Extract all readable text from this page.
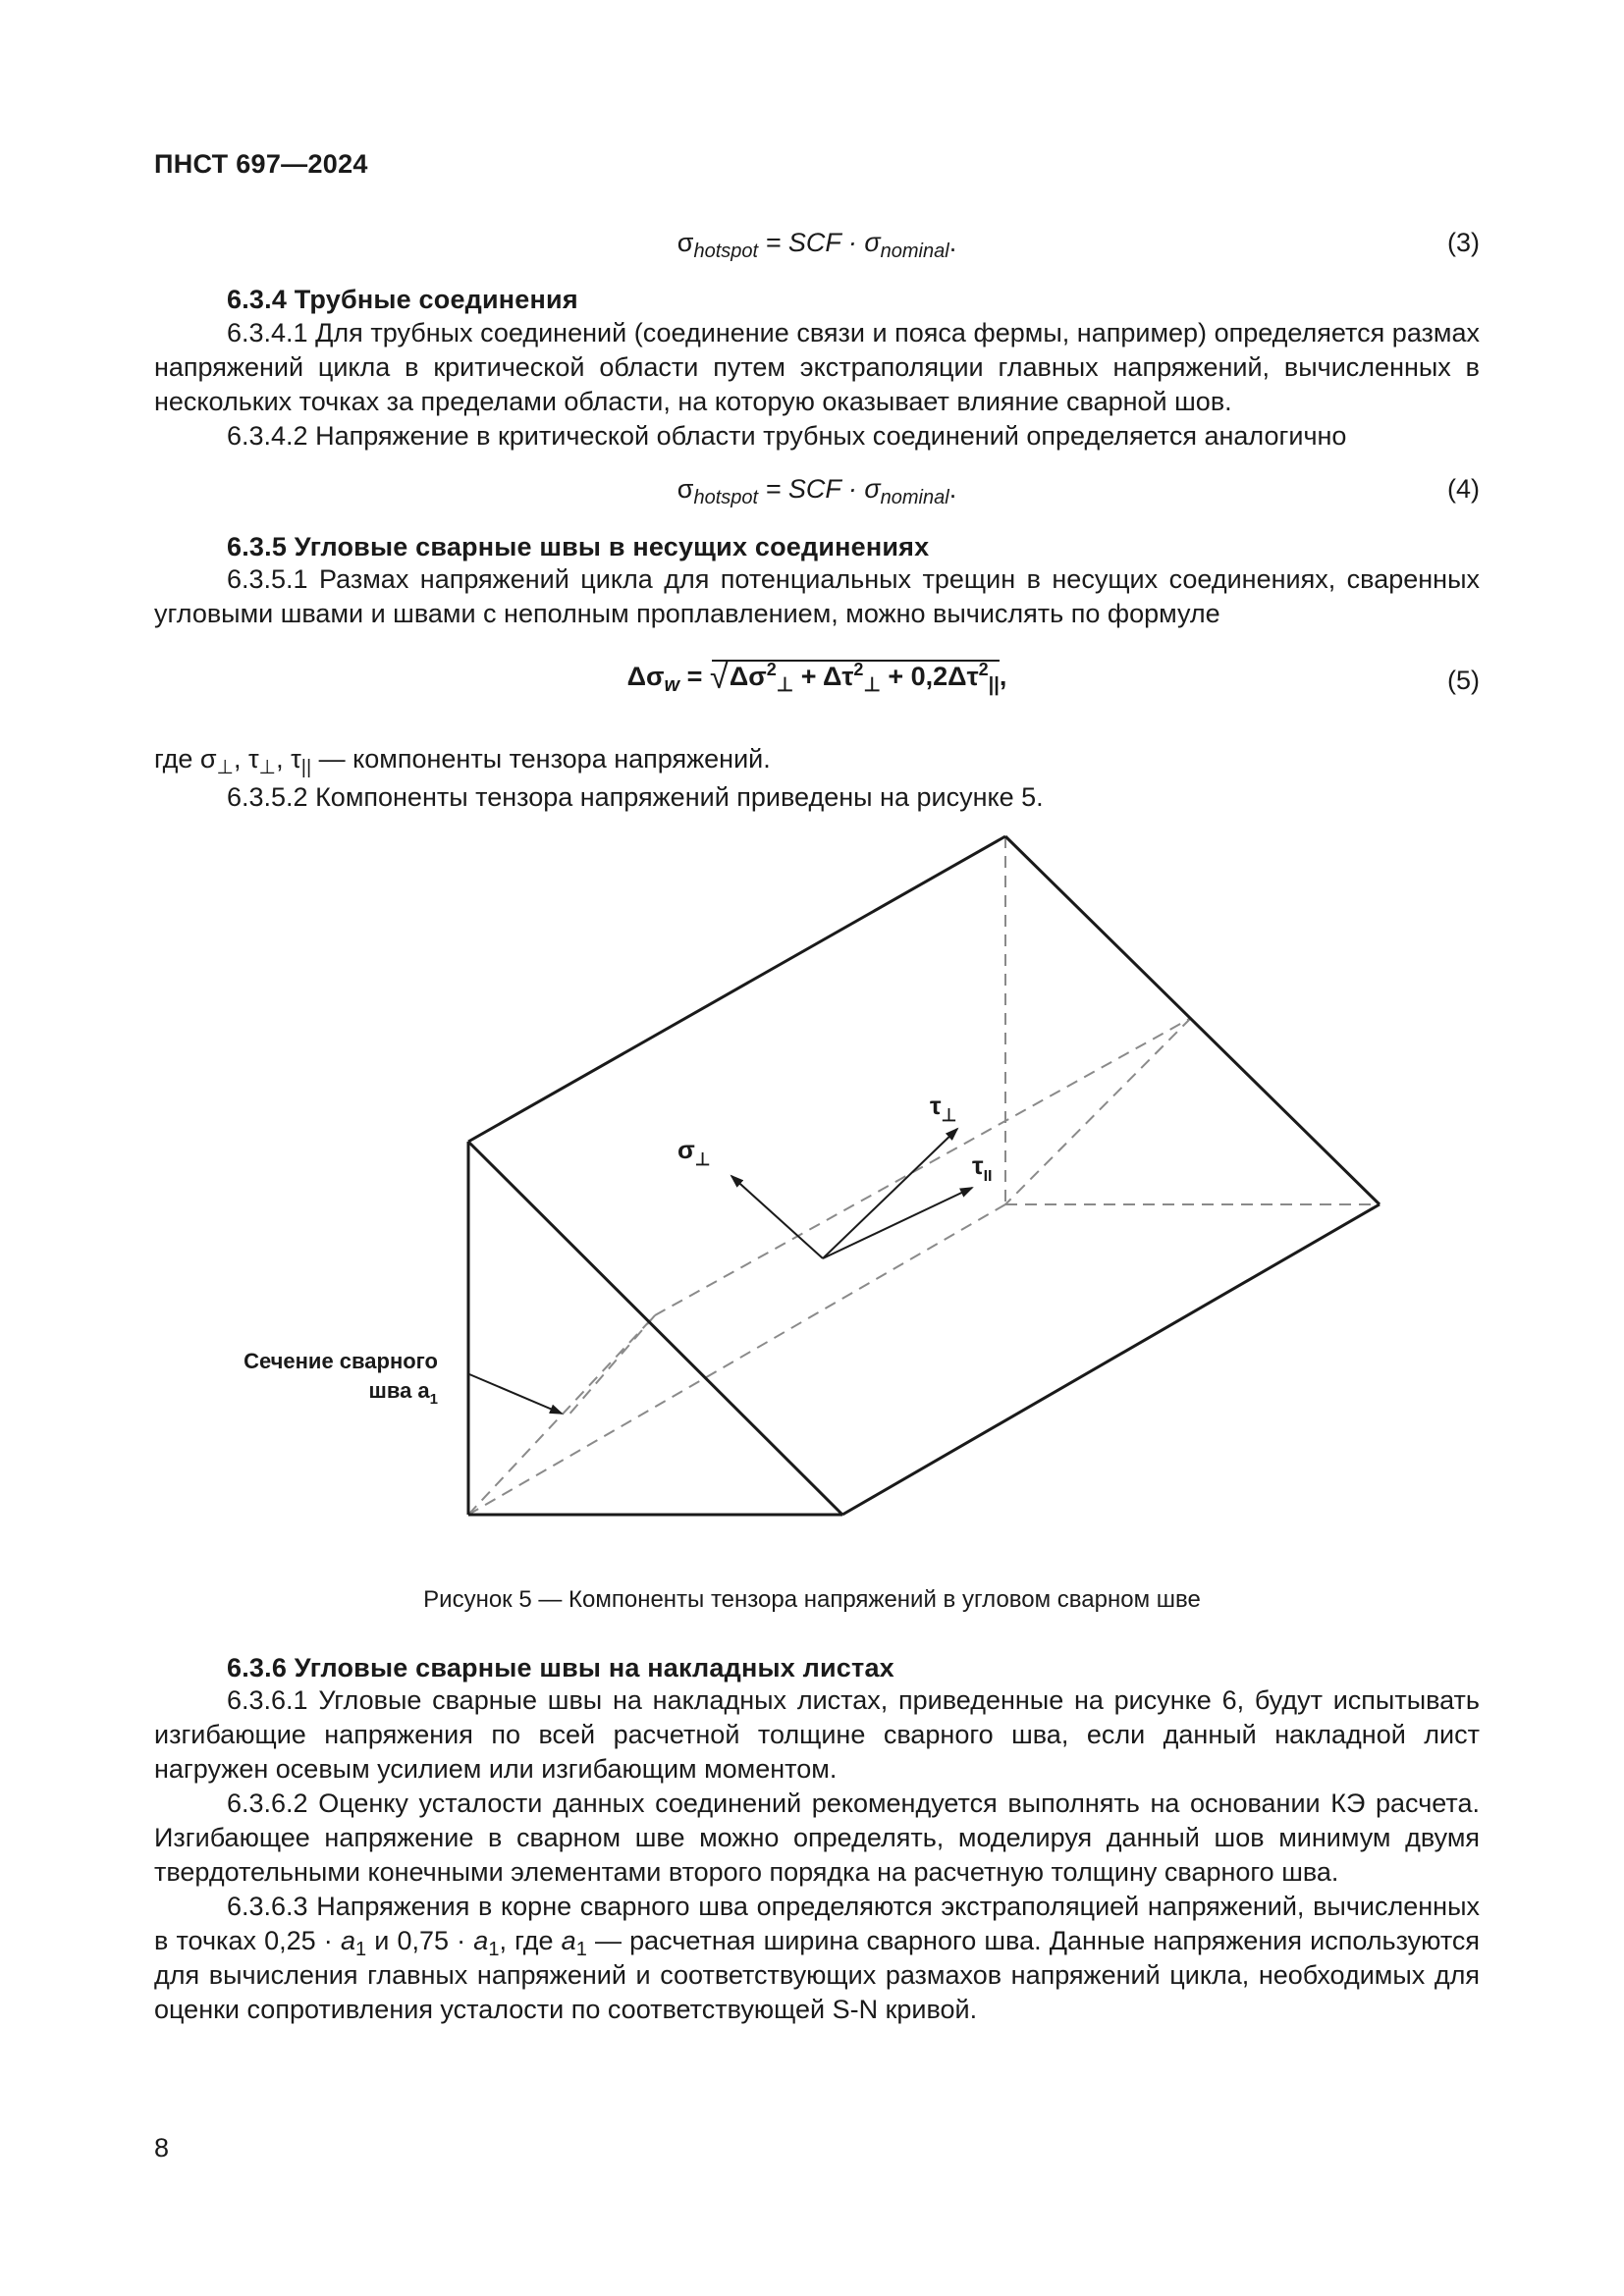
ПНСТ 697—2024
$\sigma_{hotspot}$ = SCF · $\sigma_{nominal}$.	(3)
6.3.4 Трубные соединения
6.3.4.1 Для трубных соединений (соединение связи и пояса фермы, например) определяется размах напряжений цикла в критической области путем экстраполяции главных напряжений, вычисленных в нескольких точках за пределами области, на которую оказывает влияние сварной шов.
6.3.4.2 Напряжение в критической области трубных соединений определяется аналогично
$\sigma_{hotspot}$ = SCF · $\sigma_{nominal}$.	(4)
6.3.5 Угловые сварные швы в несущих соединениях
6.3.5.1 Размах напряжений цикла для потенциальных трещин в несущих соединениях, сваренных угловыми швами и швами с неполным проплавлением, можно вычислять по формуле
$\Delta\sigma_w$ = √ $\Delta\sigma^2_\perp + \Delta\tau^2_\perp + 0,2\Delta\tau^2_{||}$,	(5)
где $\sigma_\perp$, $\tau_\perp$, $\tau_{||}$ — компоненты тензора напряжений.
6.3.5.2 Компоненты тензора напряжений приведены на рисунке 5.
$\sigma_\perp$
$\tau_\perp$
$\tau_{II}$
Сечение сварного
шва $a_1$
Рисунок 5 — Компоненты тензора напряжений в угловом сварном шве
6.3.6 Угловые сварные швы на накладных листах
6.3.6.1 Угловые сварные швы на накладных листах, приведенные на рисунке 6, будут испытывать изгибающие напряжения по всей расчетной толщине сварного шва, если данный накладной лист нагружен осевым усилием или изгибающим моментом.
6.3.6.2 Оценку усталости данных соединений рекомендуется выполнять на основании КЭ расчета. Изгибающее напряжение в сварном шве можно определять, моделируя данный шов минимум двумя твердотельными конечными элементами второго порядка на расчетную толщину сварного шва.
6.3.6.3 Напряжения в корне сварного шва определяются экстраполяцией напряжений, вычисленных в точках $0,25 \cdot a_1$ и $0,75 \cdot a_1$, где $a_1$ — расчетная ширина сварного шва. Данные напряжения используются для вычисления главных напряжений и соответствующих размахов напряжений цикла, необходимых для оценки сопротивления усталости по соответствующей S-N кривой.
8
